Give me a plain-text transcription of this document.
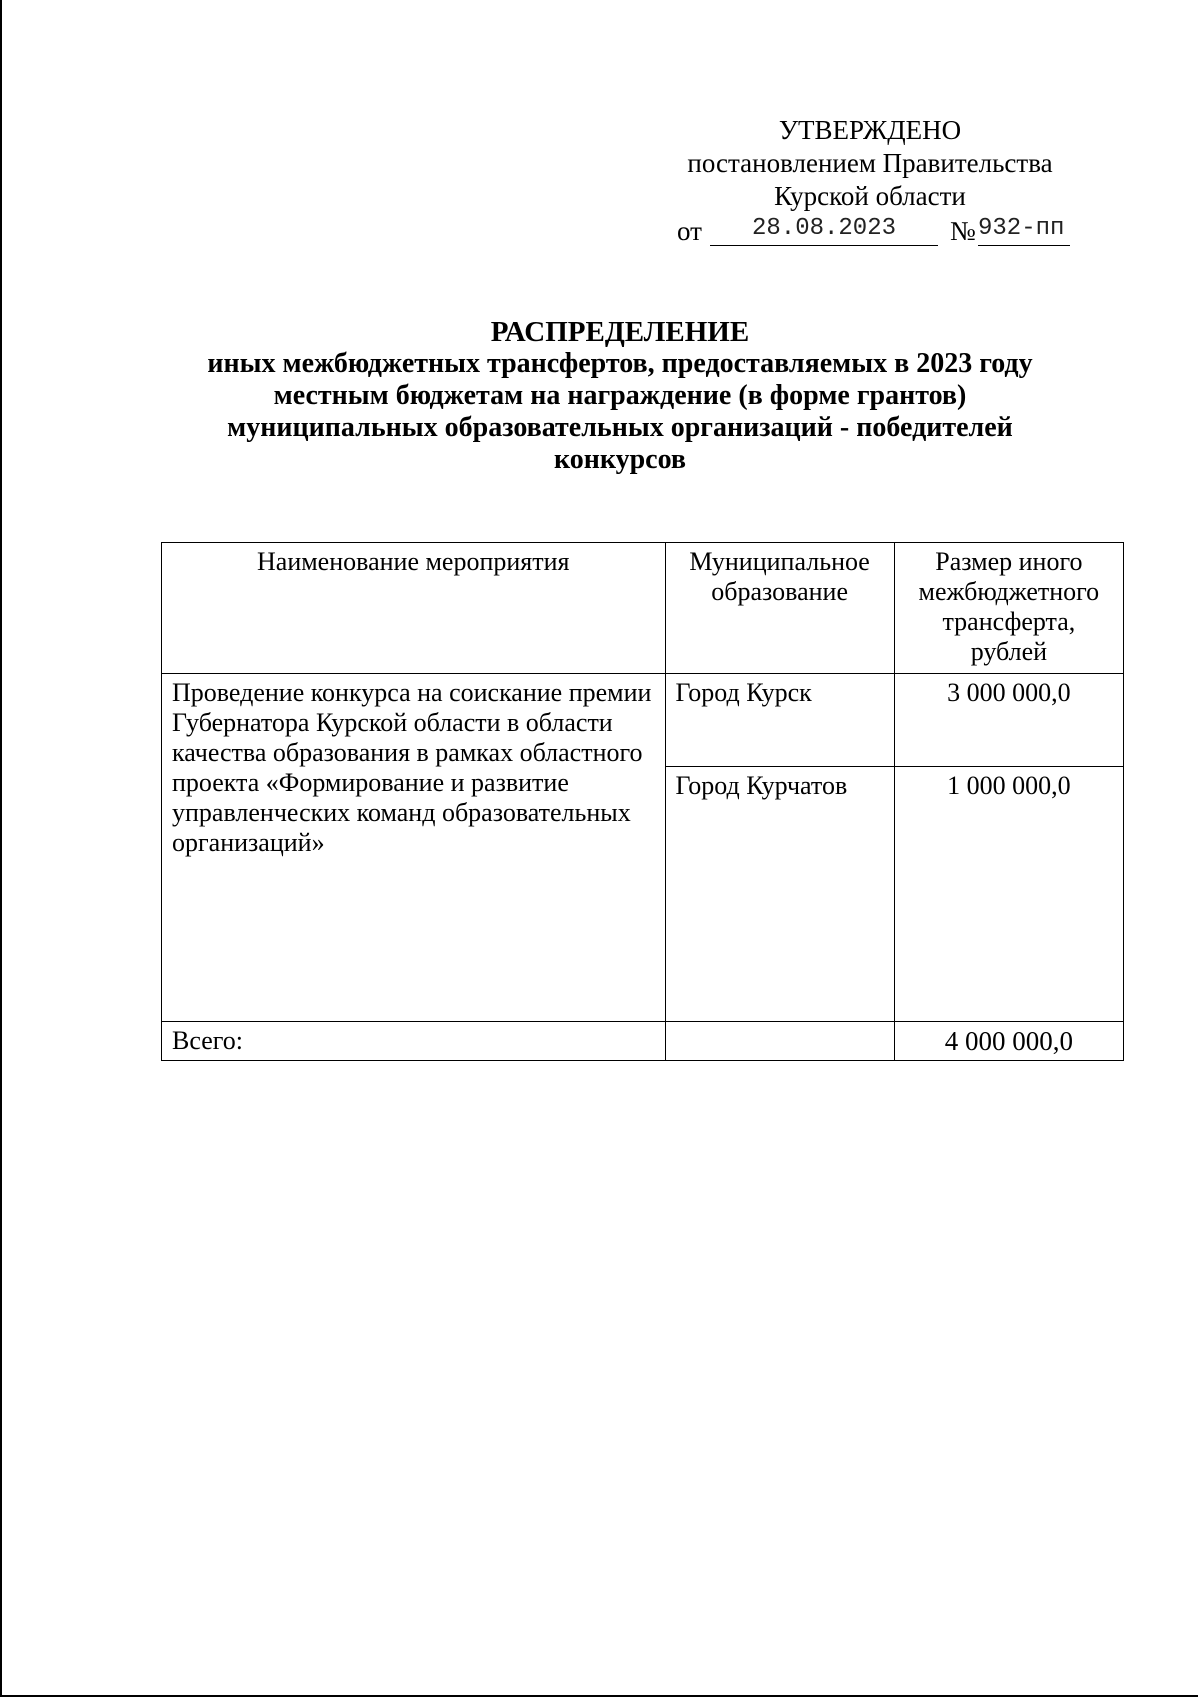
УТВЕРЖДЕНО
постановлением Правительства
Курской области
от	28.08.2023	№ 932-пп
РАСПРЕДЕЛЕНИЕ
иных межбюджетных трансфертов, предоставляемых в 2023 году
местным бюджетам на награждение (в форме грантов)
муниципальных образовательных организаций - победителей
конкурсов
Наименование мероприятия	Муниципальное образование	Размер иного межбюджетного трансферта, рублей
Проведение конкурса на соискание премии Губернатора Курской области в области качества образования в рамках областного проекта «Формирование и развитие управленческих команд образовательных организаций»	Город Курск	3 000 000,0
	Город Курчатов	1 000 000,0
Всего:		4 000 000,0
